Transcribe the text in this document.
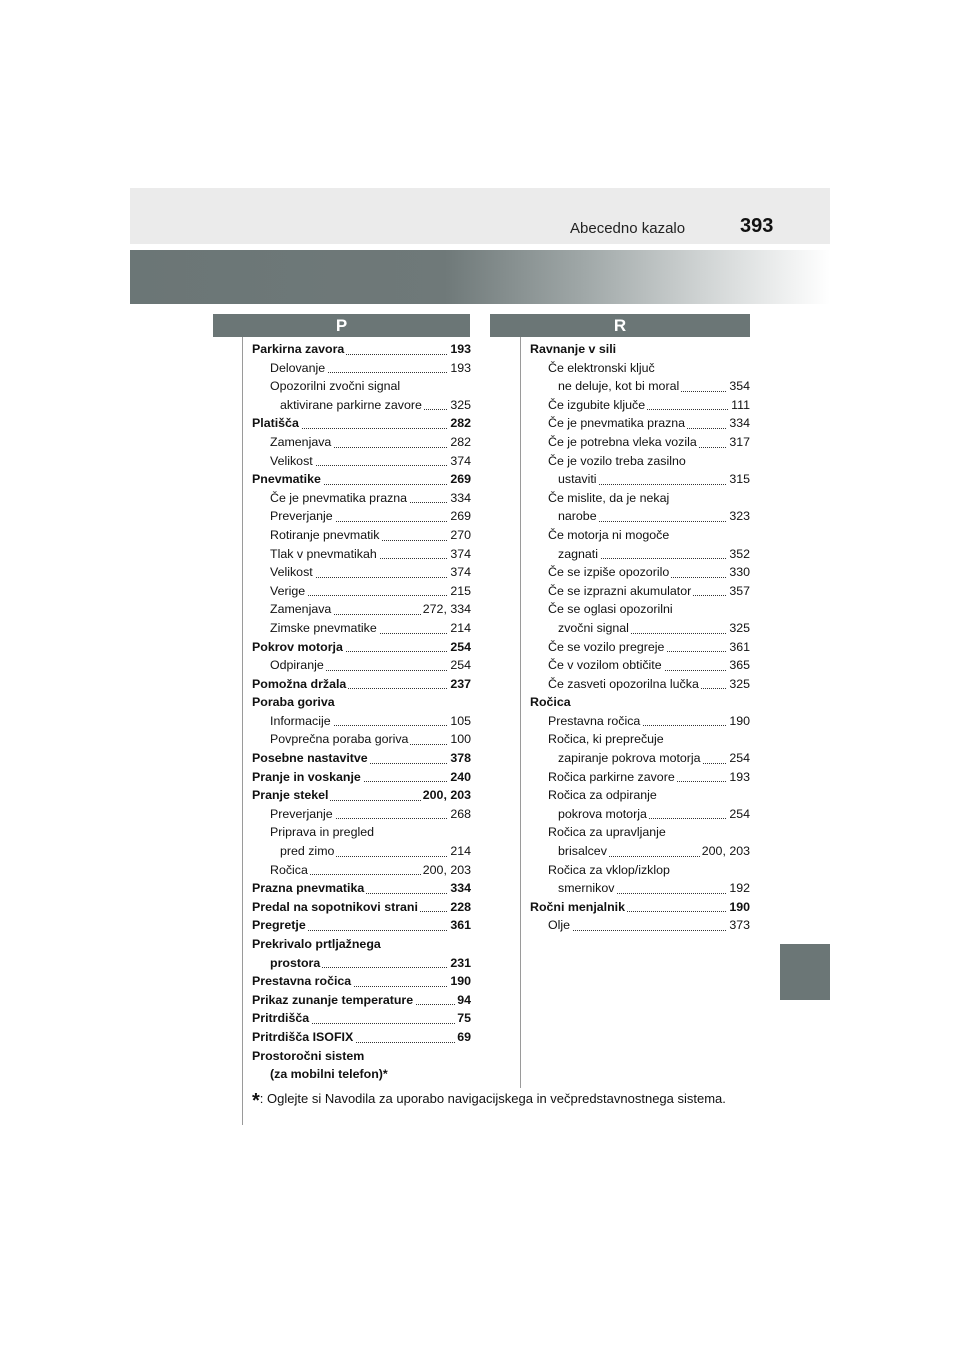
Abecedno kazalo	393
P	R
Parkirna zavora	193
Delovanje	193
Opozorilni zvočni signal
aktivirane parkirne zavore 325
Platišča	282
Zamenjava	282
Velikost	374
Pnevmatike	269
Če je pnevmatika prazna	334
Preverjanje	269
Rotiranje pnevmatik	270
Tlak v pnevmatikah	374
Velikost	374
Verige	215
Zamenjava	272, 334
Zimske pnevmatike	214
Pokrov motorja	254
Odpiranje	254
Pomožna držala	237
Poraba goriva
Informacije	105
Povprečna poraba goriva	100
Posebne nastavitve	378
Pranje in voskanje	240
Pranje stekel	200, 203
Preverjanje	268
Priprava in pregled
pred zimo	214
Ročica	200, 203
Prazna pnevmatika	334
Predal na sopotnikovi strani	228
Pregretje	361
Prekrivalo prtljažnega
prostora	231
Prestavna ročica	190
Prikaz zunanje temperature	94
Pritrdišča	75
Pritrdišča ISOFIX	69
Prostoročni sistem
(za mobilni telefon)*
Ravnanje v sili
Če elektronski ključ
ne deluje, kot bi moral	354
Če izgubite ključe	111
Če je pnevmatika prazna	334
Če je potrebna vleka vozila	317
Če je vozilo treba zasilno
ustaviti	315
Če mislite, da je nekaj
narobe	323
Če motorja ni mogoče
zagnati	352
Če se izpiše opozorilo	330
Če se izprazni akumulator	357
Če se oglasi opozorilni
zvočni signal	325
Če se vozilo pregreje	361
Če v vozilom obtičite	365
Če zasveti opozorilna lučka 325
Ročica
Prestavna ročica	190
Ročica, ki preprečuje
zapiranje pokrova motorja 254
Ročica parkirne zavore	193
Ročica za odpiranje
pokrova motorja	254
Ročica za upravljanje
brisalcev	200, 203
Ročica za vklop/izklop
smernikov	192
Ročni menjalnik	190
Olje	373
*: Oglejte si Navodila za uporabo navigacijskega in večpredstavnostnega sistema.
